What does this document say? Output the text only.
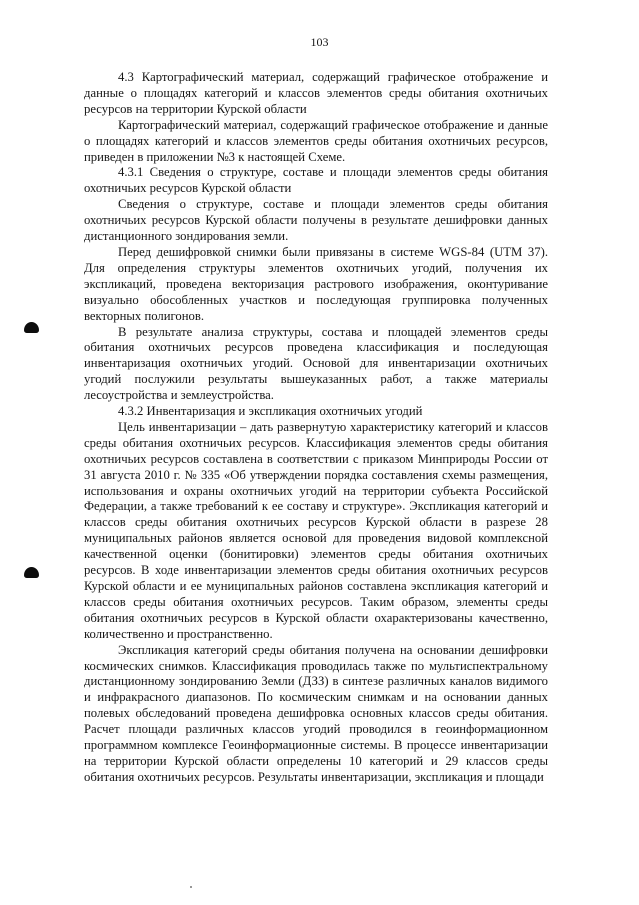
103

4.3 Картографический материал, содержащий графическое отображение и данные о площадях категорий и классов элементов среды обитания охотничьих ресурсов на территории Курской области

Картографический материал, содержащий графическое отображение и данные о площадях категорий и классов элементов среды обитания охотничьих ресурсов, приведен в приложении №3 к настоящей Схеме.

4.3.1 Сведения о структуре, составе и площади элементов среды обитания охотничьих ресурсов Курской области

Сведения о структуре, составе и площади элементов среды обитания охотничьих ресурсов Курской области получены в результате дешифровки данных дистанционного зондирования земли.

Перед дешифровкой снимки были привязаны в системе WGS-84 (UTM 37). Для определения структуры элементов охотничьих угодий, получения их экспликаций, проведена векторизация растрового изображения, оконтуривание визуально обособленных участков и последующая группировка полученных векторных полигонов.

В результате анализа структуры, состава и площадей элементов среды обитания охотничьих ресурсов проведена классификация и последующая инвентаризация охотничьих угодий. Основой для инвентаризации охотничьих угодий послужили результаты вышеуказанных работ, а также материалы лесоустройства и землеустройства.

4.3.2 Инвентаризация и экспликация охотничьих угодий

Цель инвентаризации – дать развернутую характеристику категорий и классов среды обитания охотничьих ресурсов. Классификация элементов среды обитания охотничьих ресурсов составлена в соответствии с приказом Минприроды России от 31 августа 2010 г. № 335 «Об утверждении порядка составления схемы размещения, использования и охраны охотничьих угодий на территории субъекта Российской Федерации, а также требований к ее составу и структуре». Экспликация категорий и классов среды обитания охотничьих ресурсов Курской области в разрезе 28 муниципальных районов является основой для проведения видовой комплексной качественной оценки (бонитировки) элементов среды обитания охотничьих ресурсов. В ходе инвентаризации элементов среды обитания охотничьих ресурсов Курской области и ее муниципальных районов составлена экспликация категорий и классов среды обитания охотничьих ресурсов. Таким образом, элементы среды обитания охотничьих ресурсов в Курской области охарактеризованы качественно, количественно и пространственно.

Экспликация категорий среды обитания получена на основании дешифровки космических снимков. Классификация проводилась также по мультиспектральному дистанционному зондированию Земли (ДЗЗ) в синтезе различных каналов видимого и инфракрасного диапазонов. По космическим снимкам и на основании данных полевых обследований проведена дешифровка основных классов среды обитания. Расчет площади различных классов угодий проводился в геоинформационном программном комплексе Геоинформационные системы. В процессе инвентаризации на территории Курской области определены 10 категорий и 29 классов среды обитания охотничьих ресурсов. Результаты инвентаризации, экспликация и площади
